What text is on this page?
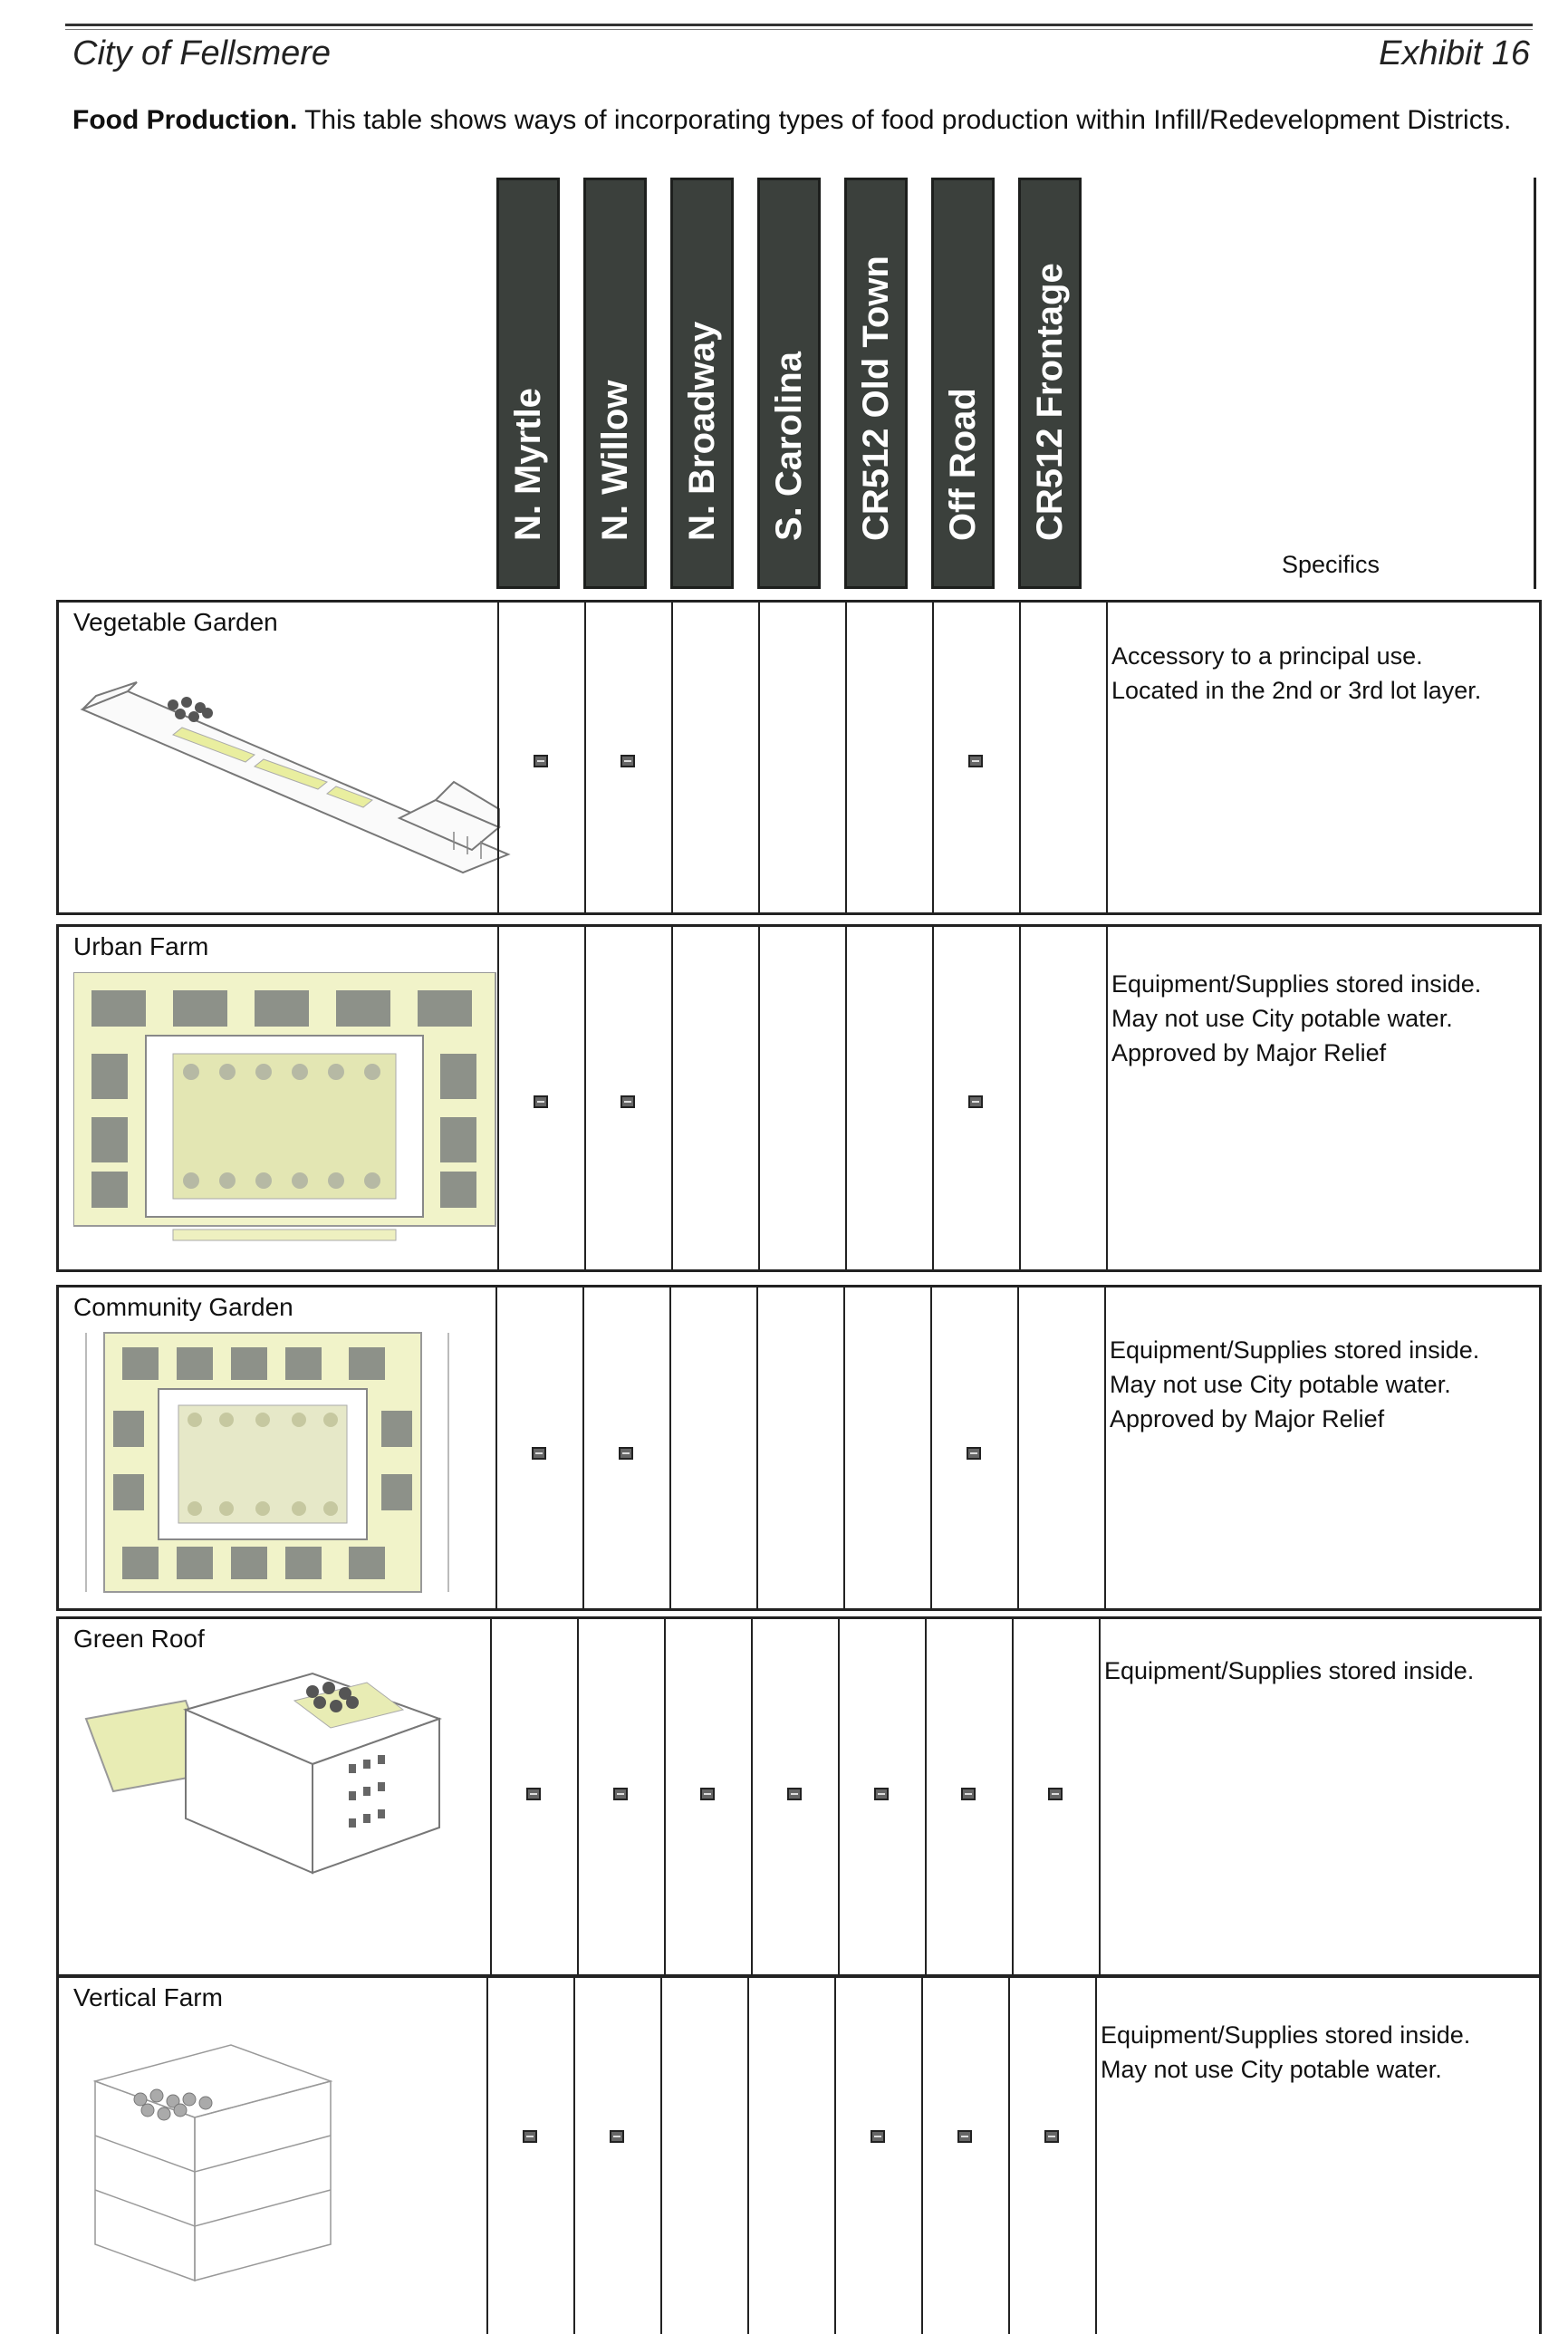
City of Fellsmere	Exhibit 16
Food Production. This table shows ways of incorporating types of food production within Infill/Redevelopment Districts.
N. Myrtle N. Willow N. Broadway S. Carolina CR512 Old Town Off Road CR512 Frontage
Specifics
Vegetable Garden
Accessory to a principal use.
Located in the 2nd or 3rd lot layer.
Urban Farm
Equipment/Supplies stored inside.
May not use City potable water.
Approved by Major Relief
Community Garden
Equipment/Supplies stored inside.
May not use City potable water.
Approved by Major Relief
Green Roof
Equipment/Supplies stored inside.
Vertical Farm
Equipment/Supplies stored inside.
May not use City potable water.
